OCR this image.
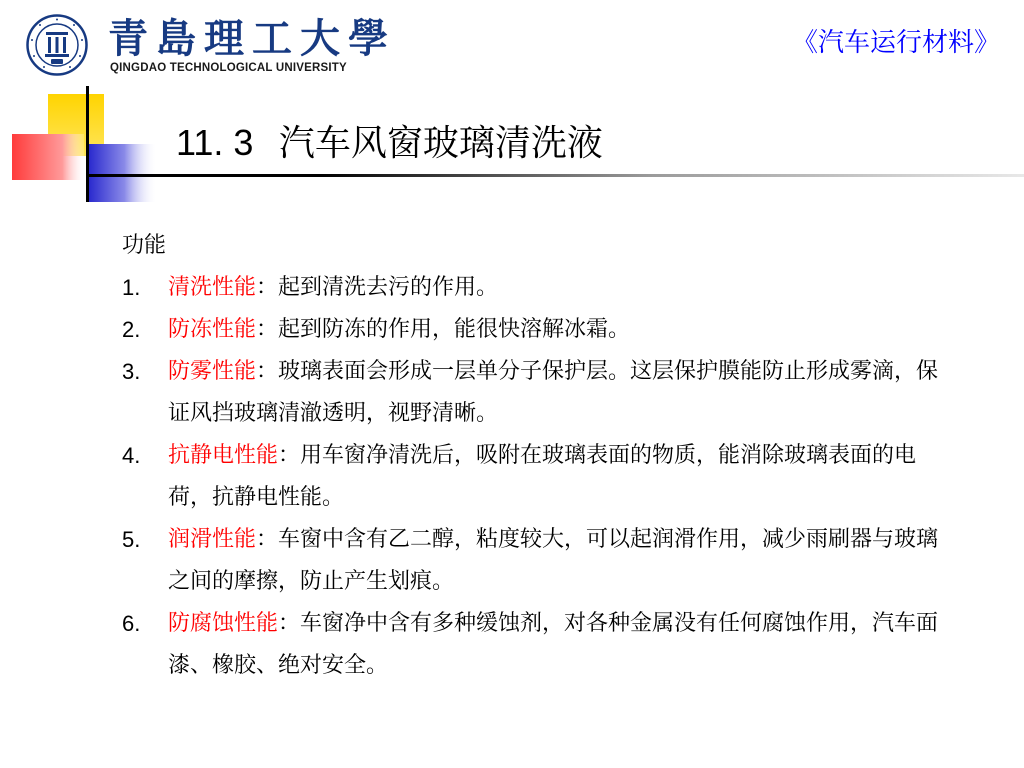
青島理工大學
QINGDAO TECHNOLOGICAL UNIVERSITY
《汽车运行材料》
11. 3 汽车风窗玻璃清洗液

功能

1.	清洗性能：起到清洗去污的作用。
2.	防冻性能：起到防冻的作用，能很快溶解冰霜。
3.	防雾性能：玻璃表面会形成一层单分子保护层。这层保护膜能防止形成雾滴，保证风挡玻璃清澈透明，视野清晰。
4.	抗静电性能：用车窗净清洗后，吸附在玻璃表面的物质，能消除玻璃表面的电荷，抗静电性能。
5.	润滑性能：车窗中含有乙二醇，粘度较大，可以起润滑作用，减少雨刷器与玻璃之间的摩擦，防止产生划痕。
6.	防腐蚀性能：车窗净中含有多种缓蚀剂，对各种金属没有任何腐蚀作用，汽车面漆、橡胶、绝对安全。
